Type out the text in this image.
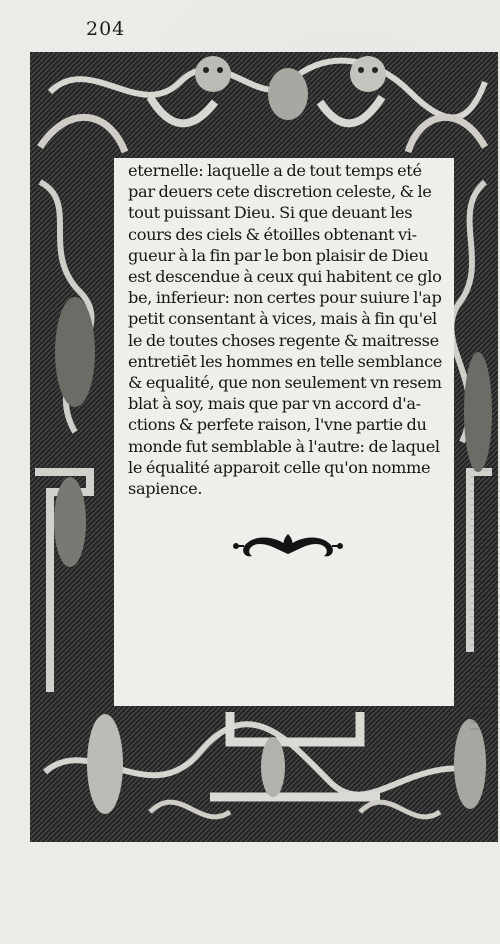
204
eternelle: laquelle a de tout temps eté
par deuers cete discretion celeste, & le
tout puissant Dieu. Si que deuant les
cours des ciels & étoilles obtenant vi-
gueur à la fin par le bon plaisir de Dieu
est descendue à ceux qui habitent ce glo
be, inferieur: non certes pour suiure l'ap
petit consentant à vices, mais à fin qu'el
le de toutes choses regente & maitresse
entretiēt les hommes en telle semblance
& equalité, que non seulement vn resem
blat à soy, mais que par vn accord d'a-
ctions & perfete raison, l'vne partie du
monde fut semblable à l'autre: de laquel
le équalité apparoit celle qu'on nomme
sapience.
